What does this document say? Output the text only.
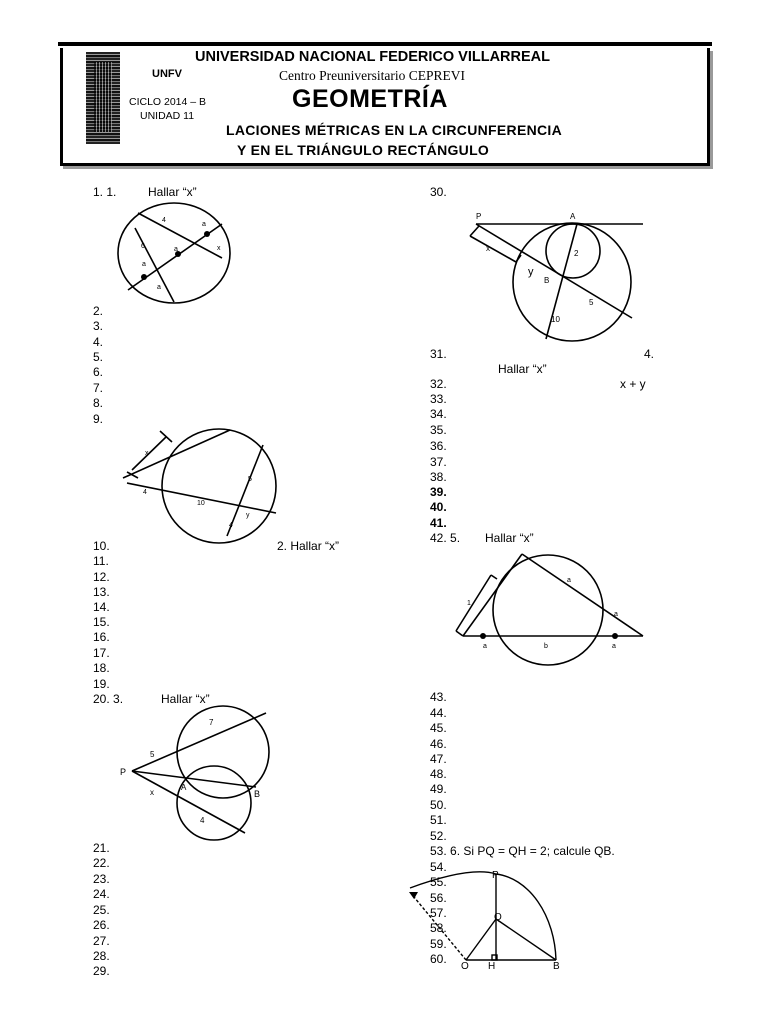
UNIVERSIDAD NACIONAL FEDERICO VILLARREAL
UNFV	Centro Preuniversitario CEPREVI
CICLO 2014 – B
UNIDAD 11
GEOMETRÍA
LACIONES MÉTRICAS EN LA CIRCUNFERENCIA
Y EN EL TRIÁNGULO RECTÁNGULO
1. 1.
2.
3.
4.
5.
6.
7.
8.
9.
10.
11.
12.
13.
14.
15.
16.
17.
18.
19.
20. 3.
21.
22.
23.
24.
25.
26.
27.
28.
29.
Hallar “x”
2. Hallar “x”
Hallar “x”
30.
31.
32.
33.
34.
35.
36.
37.
38.
39.
40.
41.
42. 5.
43.
44.
45.
46.
47.
48.
49.
50.
51.
52.
53. 6. Si PQ = QH = 2; calcule QB.
54.
55.
56.
57.
58.
59.
60.
4.
Hallar “x”
x + y
Hallar “x”
4
a
6	a
a
a
x
x
4
10
5
y
4
7
5
P
A
x	B
4
P	A
2
x
y
B
5
10
1
a
a
b	a
a
P
Q
O H	B
